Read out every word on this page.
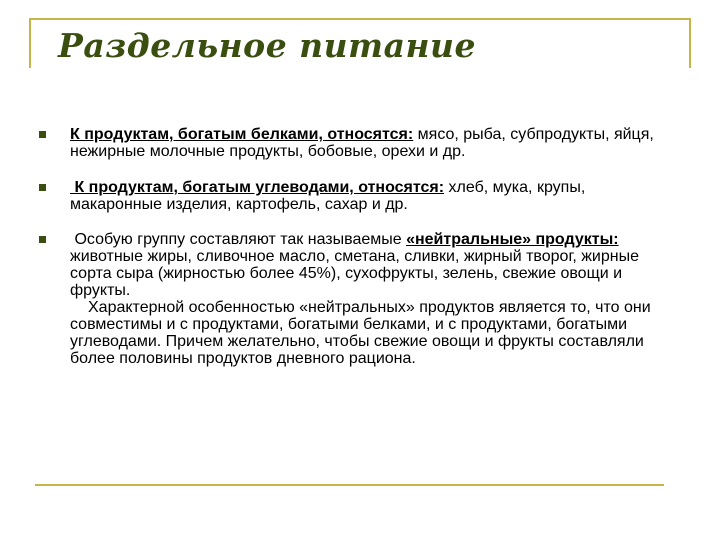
Раздельное питание
К продуктам, богатым белками, относятся: мясо, рыба, субпродукты, яйця, нежирные молочные продукты, бобовые, орехи и др.
К продуктам, богатым углеводами, относятся: хлеб, мука, крупы, макаронные изделия, картофель, сахар и др.
Особую группу составляют так называемые «нейтральные» продукты: животные жиры, сливочное масло, сметана, сливки, жирный творог, жирные сорта сыра (жирностью более 45%), сухофрукты, зелень, свежие овощи и фрукты.
Характерной особенностью «нейтральных» продуктов является то, что они совместимы и с продуктами, богатыми белками, и с продуктами, богатыми углеводами. Причем желательно, чтобы свежие овощи и фрукты составляли более половины продуктов дневного рациона.
